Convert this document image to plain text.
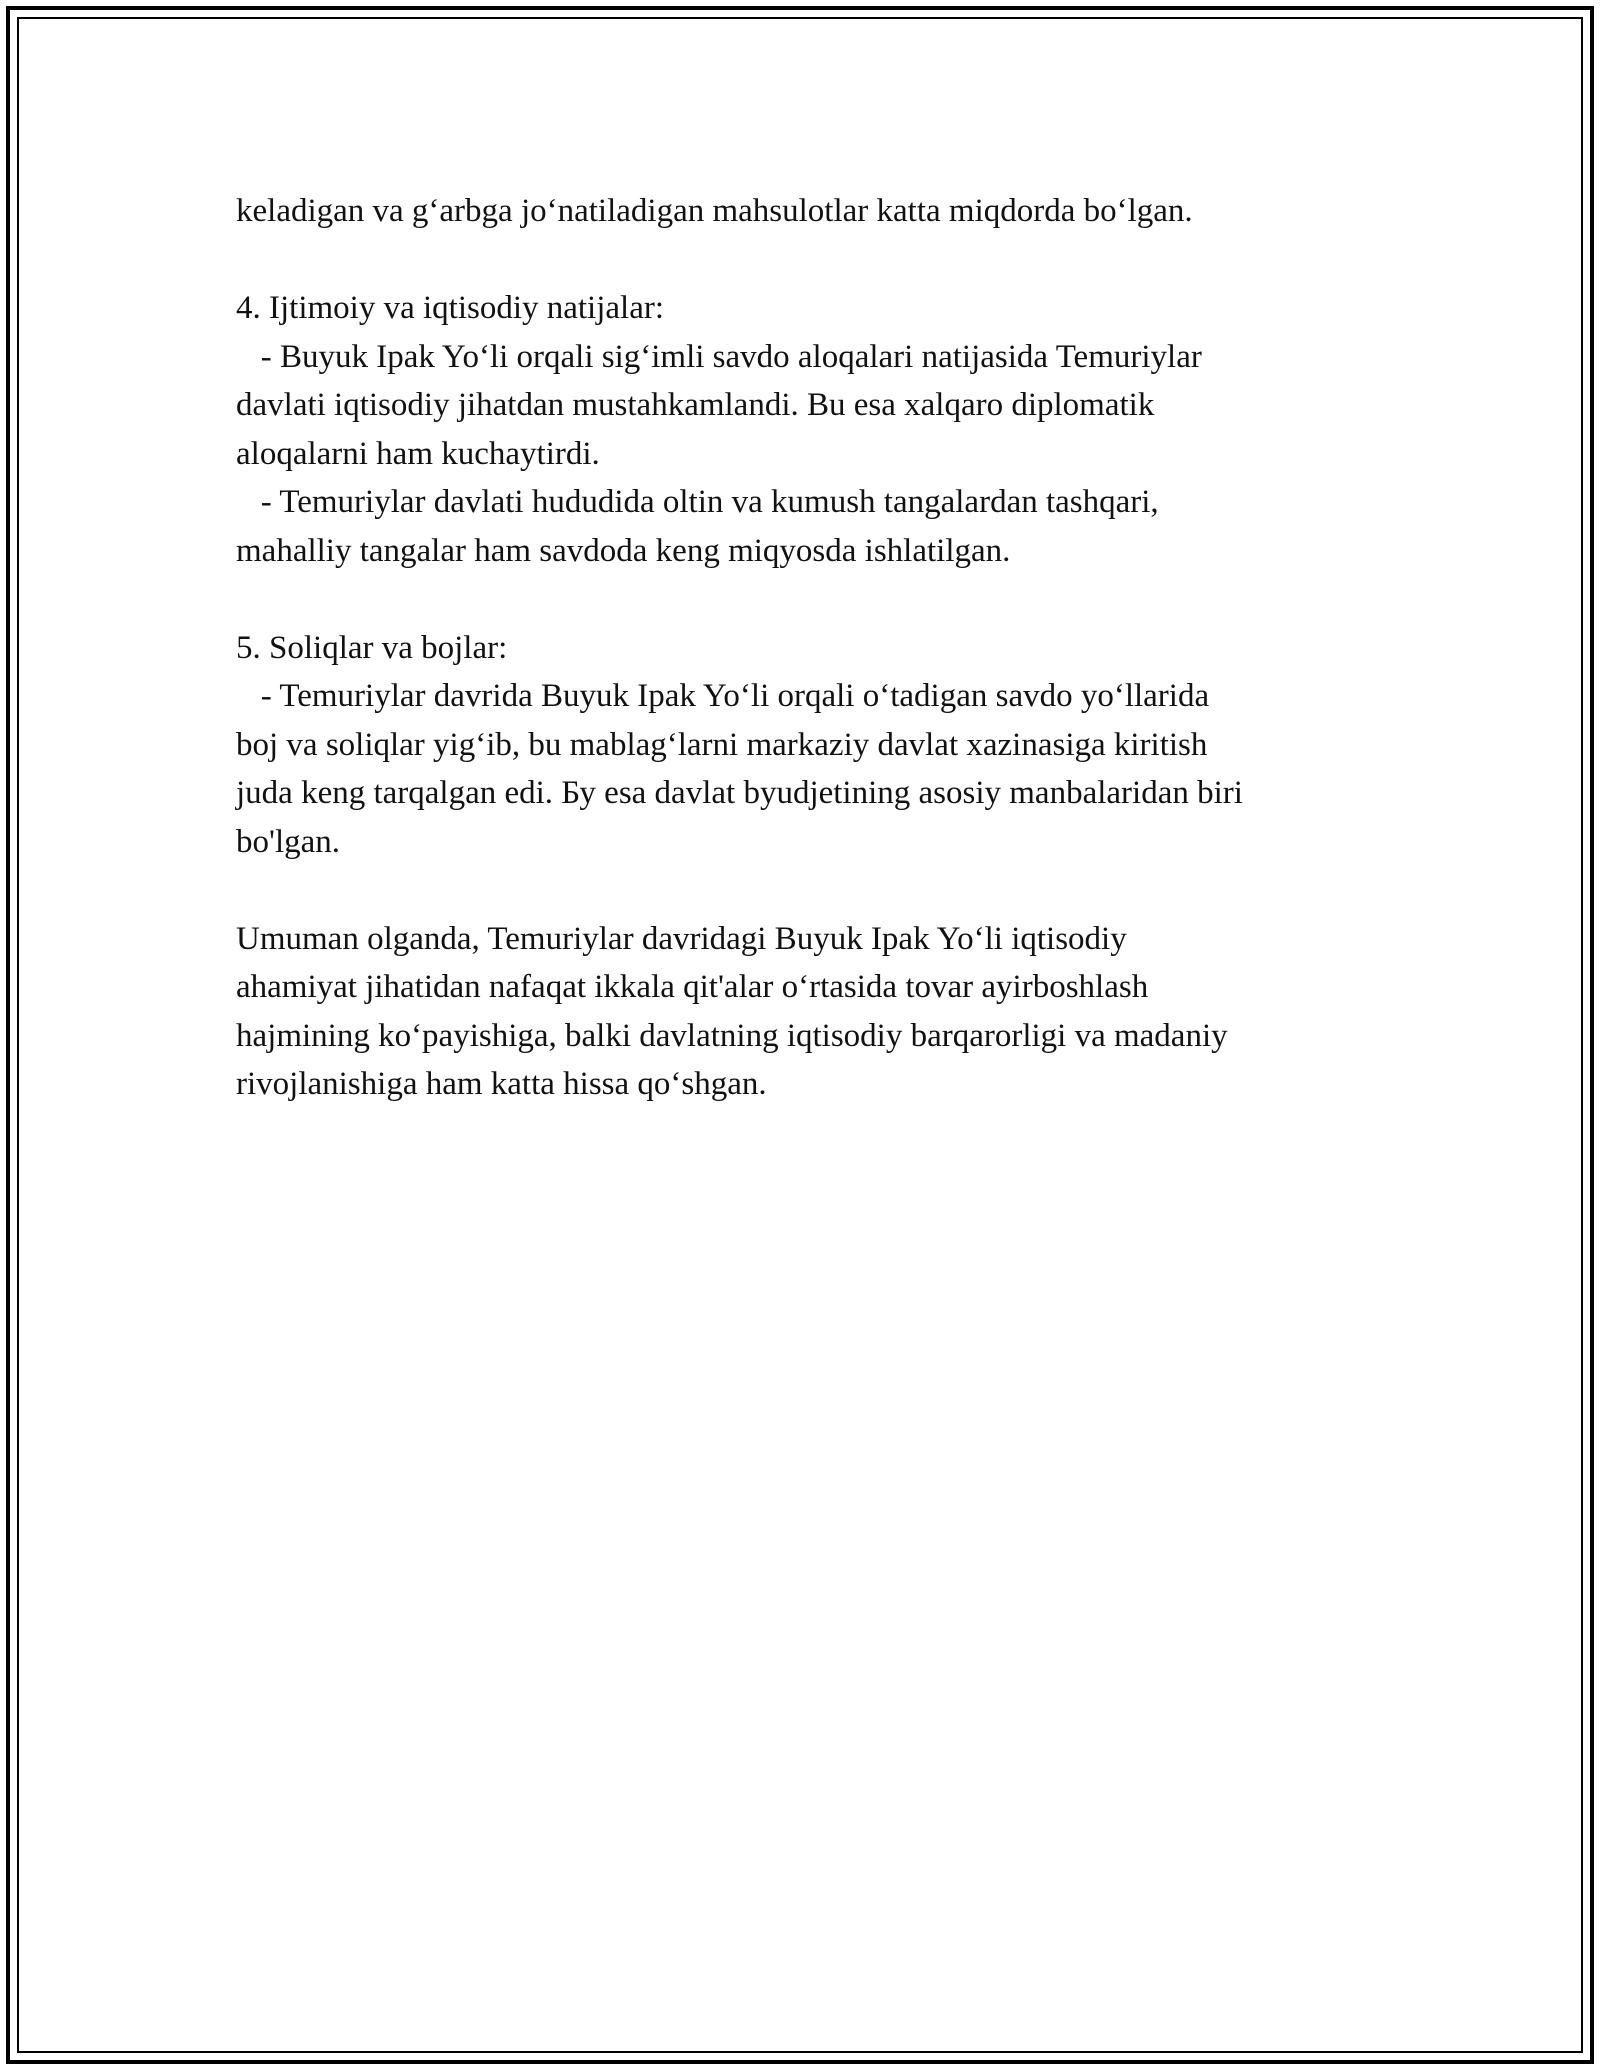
keladigan va g‘arbga jo‘natiladigan mahsulotlar katta miqdorda bo‘lgan.
4. Ijtimoiy va iqtisodiy natijalar:
- Buyuk Ipak Yo‘li orqali sig‘imli savdo aloqalari natijasida Temuriylar
davlati iqtisodiy jihatdan mustahkamlandi. Bu esa xalqaro diplomatik
aloqalarni ham kuchaytirdi.
- Temuriylar davlati hududida oltin va kumush tangalardan tashqari,
mahalliy tangalar ham savdoda keng miqyosda ishlatilgan.
5. Soliqlar va bojlar:
- Temuriylar davrida Buyuk Ipak Yo‘li orqali o‘tadigan savdo yo‘llarida
boj va soliqlar yig‘ib, bu mablag‘larni markaziy davlat xazinasiga kiritish
juda keng tarqalgan edi. Бу esa davlat byudjetining asosiy manbalaridan biri
bo'lgan.
Umuman olganda, Temuriylar davridagi Buyuk Ipak Yo‘li iqtisodiy
ahamiyat jihatidan nafaqat ikkala qit'alar o‘rtasida tovar ayirboshlash
hajmining ko‘payishiga, balki davlatning iqtisodiy barqarorligi va madaniy
rivojlanishiga ham katta hissa qo‘shgan.
